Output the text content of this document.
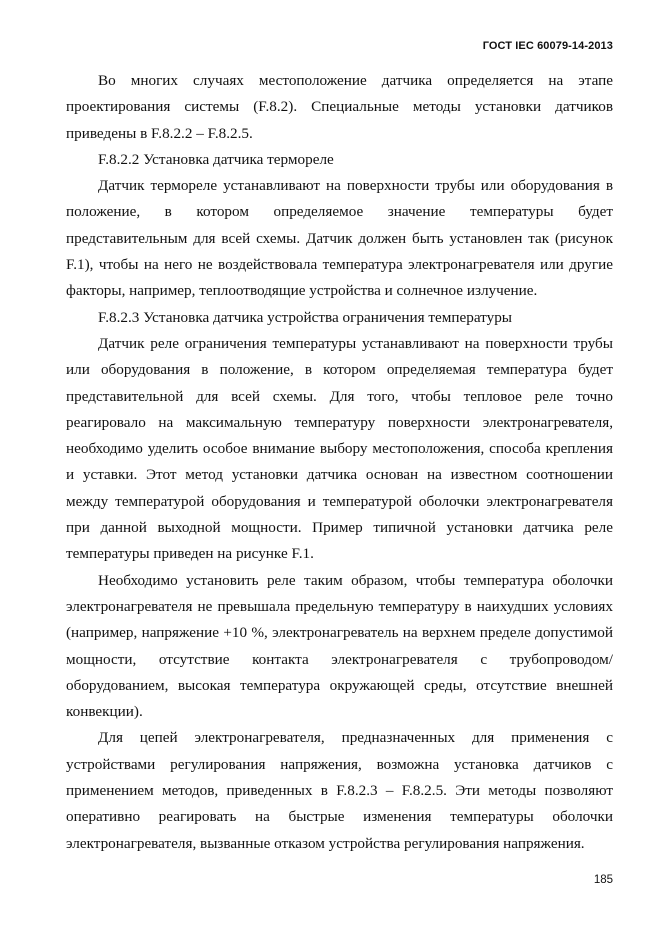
ГОСТ IEC 60079-14-2013

Во многих случаях местоположение датчика определяется на этапе проектирования системы (F.8.2). Специальные методы установки датчиков приведены в F.8.2.2 – F.8.2.5.

F.8.2.2 Установка датчика термореле

Датчик термореле устанавливают на поверхности трубы или оборудования в положение, в котором определяемое значение температуры будет представительным для всей схемы. Датчик должен быть установлен так (рисунок F.1), чтобы на него не воздействовала температура электронагревателя или другие факторы, например, теплоотводящие устройства и солнечное излучение.

F.8.2.3 Установка датчика устройства ограничения температуры

Датчик реле ограничения температуры устанавливают на поверхности трубы или оборудования в положение, в котором определяемая температура будет представительной для всей схемы. Для того, чтобы тепловое реле точно реагировало на максимальную температуру поверхности электронагревателя, необходимо уделить особое внимание выбору местоположения, способа крепления и уставки. Этот метод установки датчика основан на известном соотношении между температурой оборудования и температурой оболочки электронагревателя при данной выходной мощности. Пример типичной установки датчика реле температуры приведен на рисунке F.1.

Необходимо установить реле таким образом, чтобы температура оболочки электронагревателя не превышала предельную температуру в наихудших условиях (например, напряжение +10 %, электронагреватель на верхнем пределе допустимой мощности, отсутствие контакта электронагревателя с трубопроводом/оборудованием, высокая температура окружающей среды, отсутствие внешней конвекции).

Для цепей электронагревателя, предназначенных для применения с устройствами регулирования напряжения, возможна установка датчиков с применением методов, приведенных в F.8.2.3 – F.8.2.5. Эти методы позволяют оперативно реагировать на быстрые изменения температуры оболочки электронагревателя, вызванные отказом устройства регулирования напряжения.

185
